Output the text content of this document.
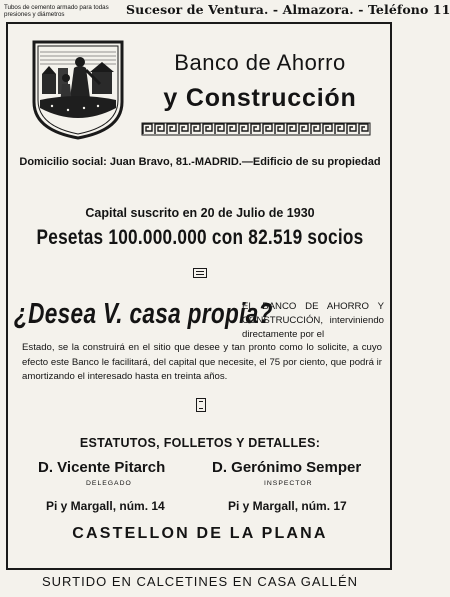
Tubos de cemento armado para todas presiones y diámetros	Sucesor de Ventura. - Almazora. - Teléfono 11
Banco de Ahorro
y Construcción
Domicilio social: Juan Bravo, 81.-MADRID.—Edificio de su propiedad
Capital suscrito en 20 de Julio de 1930
Pesetas 100.000.000 con 82.519 socios
¿Desea V. casa propia?
EL BANCO DE AHORRO Y CONSTRUCCIÓN, interviniendo directamente por el
Estado, se la construirá en el sitio que desee y tan pronto como lo solicite, a cuyo efecto este Banco le facilitará, del capital que necesite, el 75 por ciento, que podrá ir amortizando el interesado hasta en treinta años.
ESTATUTOS, FOLLETOS Y DETALLES:
D. Vicente Pitarch
DELEGADO
Pi y Margall, núm. 14
D. Gerónimo Semper
INSPECTOR
Pi y Margall, núm. 17
CASTELLON DE LA PLANA
SURTIDO EN CALCETINES EN CASA GALLÉN
